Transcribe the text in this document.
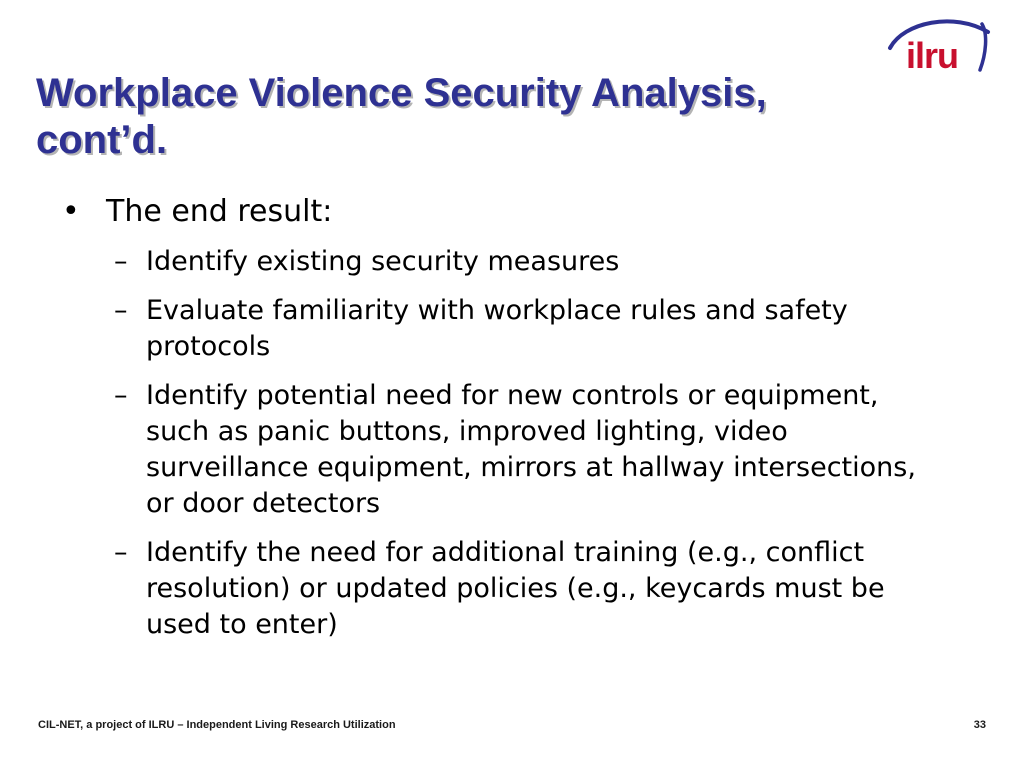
ilru
Workplace Violence Security Analysis, cont’d.
• The end result:
– Identify existing security measures
– Evaluate familiarity with workplace rules and safety protocols
– Identify potential need for new controls or equipment, such as panic buttons, improved lighting, video surveillance equipment, mirrors at hallway intersections, or door detectors
– Identify the need for additional training (e.g., conflict resolution) or updated policies (e.g., keycards must be used to enter)
CIL-NET, a project of ILRU – Independent Living Research Utilization	33
